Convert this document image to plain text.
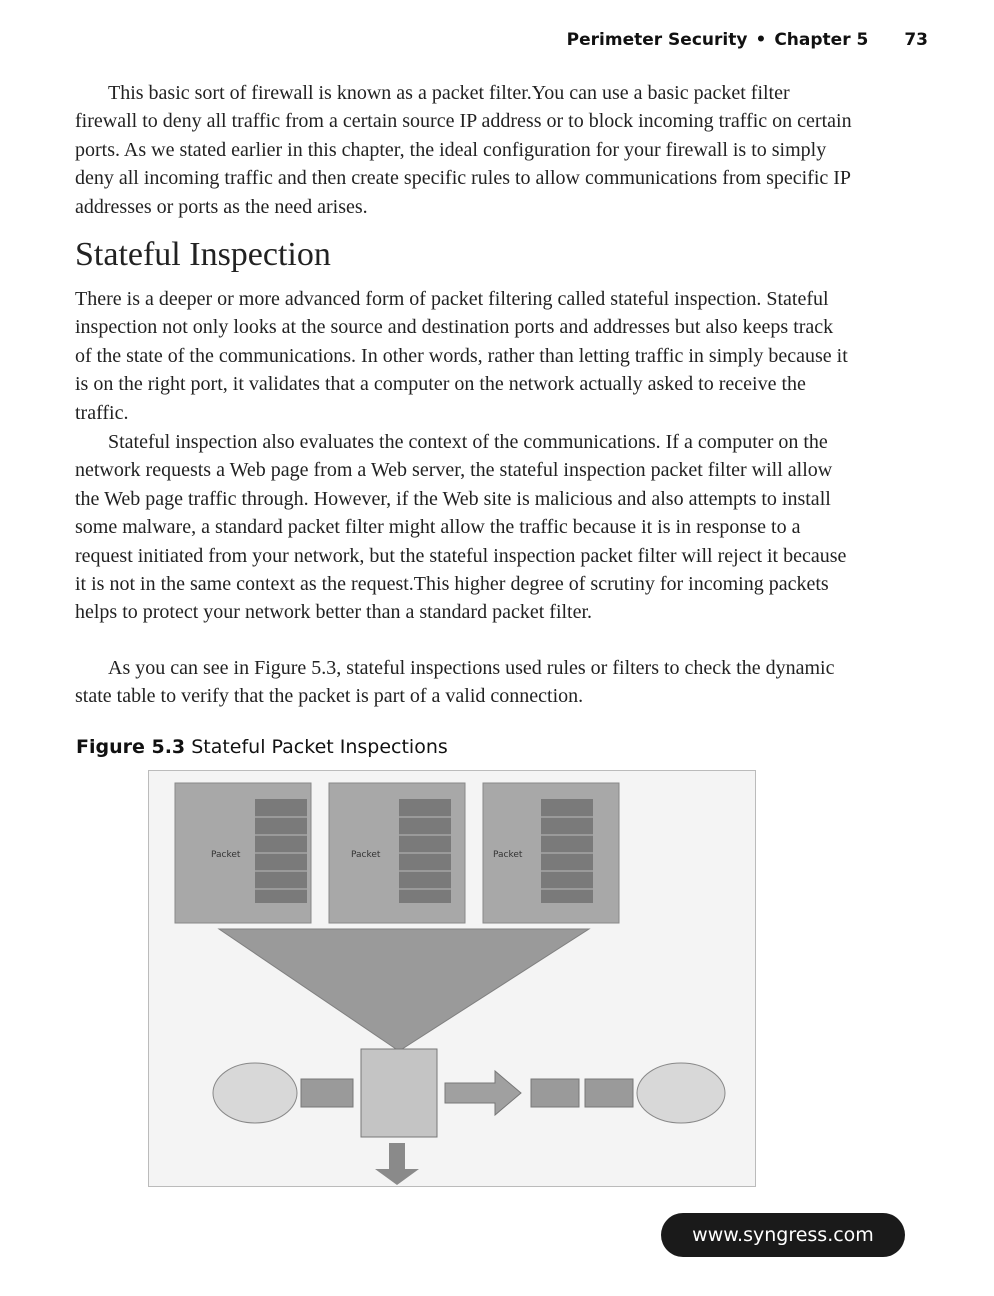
Perimeter Security • Chapter 5 73

This basic sort of firewall is known as a packet filter.You can use a basic packet filter firewall to deny all traffic from a certain source IP address or to block incoming traffic on certain ports. As we stated earlier in this chapter, the ideal configuration for your firewall is to simply deny all incoming traffic and then create specific rules to allow communications from specific IP addresses or ports as the need arises.

Stateful Inspection

There is a deeper or more advanced form of packet filtering called stateful inspection. Stateful inspection not only looks at the source and destination ports and addresses but also keeps track of the state of the communications. In other words, rather than letting traffic in simply because it is on the right port, it validates that a computer on the network actually asked to receive the traffic.

Stateful inspection also evaluates the context of the communications. If a computer on the network requests a Web page from a Web server, the stateful inspection packet filter will allow the Web page traffic through. However, if the Web site is malicious and also attempts to install some malware, a standard packet filter might allow the traffic because it is in response to a request initiated from your network, but the stateful inspection packet filter will reject it because it is not in the same context as the request.This higher degree of scrutiny for incoming packets helps to protect your network better than a standard packet filter.

As you can see in Figure 5.3, stateful inspections used rules or filters to check the dynamic state table to verify that the packet is part of a valid connection.

Figure 5.3 Stateful Packet Inspections
Packet	Packet	Packet
www.syngress.com
